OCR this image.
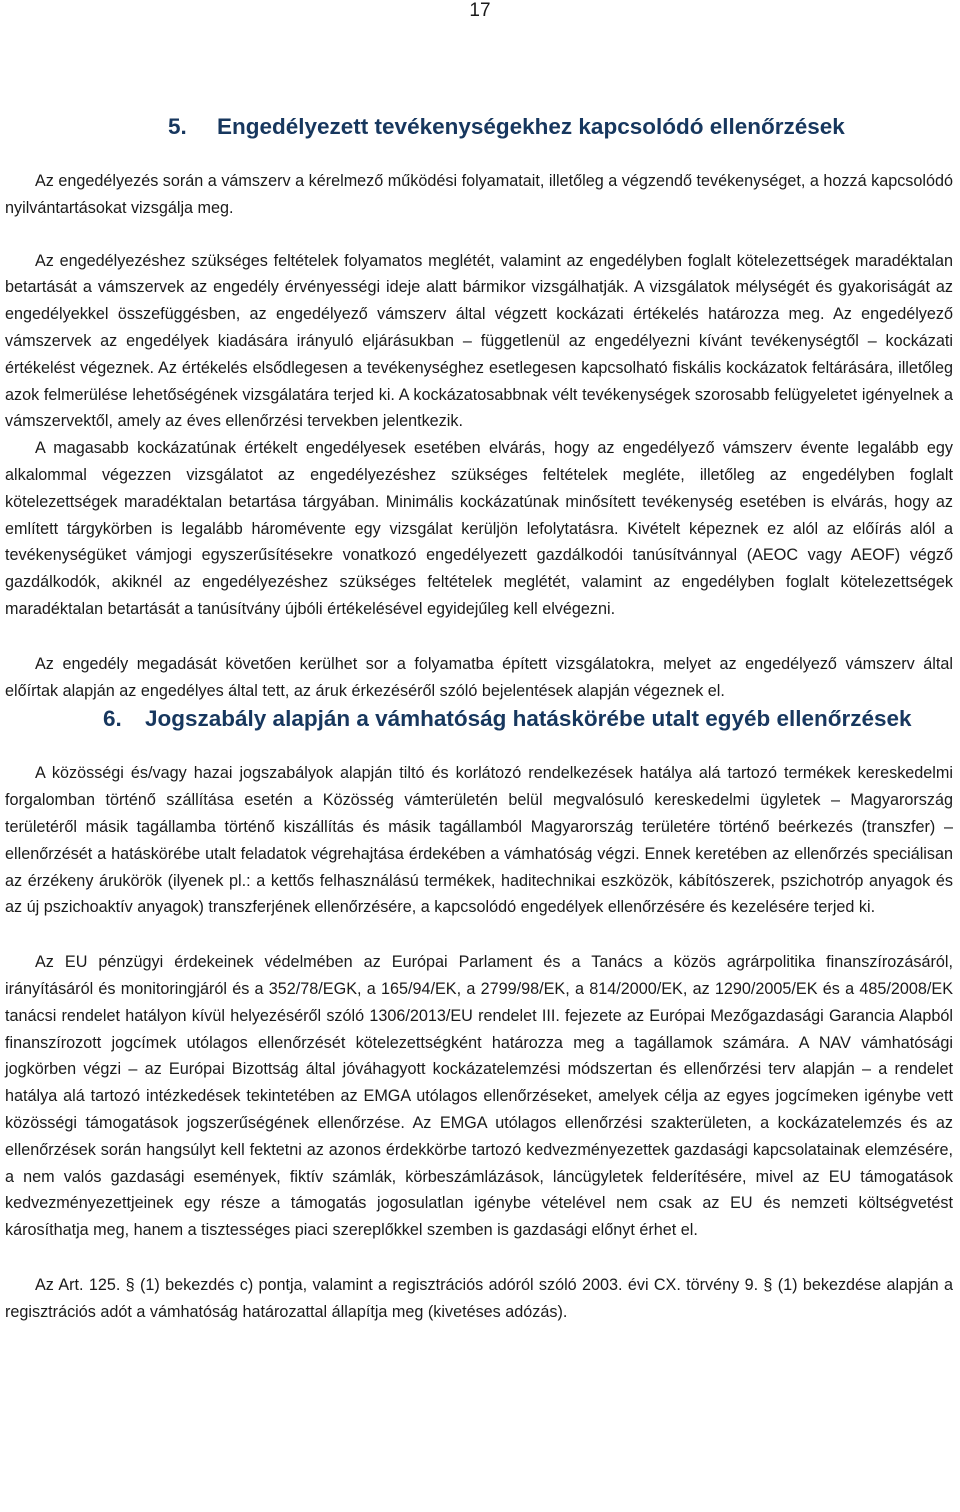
17
5. Engedélyezett tevékenységekhez kapcsolódó ellenőrzések

Az engedélyezés során a vámszerv a kérelmező működési folyamatait, illetőleg a végzendő tevékenységet, a hozzá kapcsolódó nyilvántartásokat vizsgálja meg.

Az engedélyezéshez szükséges feltételek folyamatos meglétét, valamint az engedélyben foglalt kötelezettségek maradéktalan betartását a vámszervek az engedély érvényességi ideje alatt bármikor vizsgálhatják. A vizsgálatok mélységét és gyakoriságát az engedélyekkel összefüggésben, az engedélyező vámszerv által végzett kockázati értékelés határozza meg. Az engedélyező vámszervek az engedélyek kiadására irányuló eljárásukban – függetlenül az engedélyezni kívánt tevékenységtől – kockázati értékelést végeznek. Az értékelés elsődlegesen a tevékenységhez esetlegesen kapcsolható fiskális kockázatok feltárására, illetőleg azok felmerülése lehetőségének vizsgálatára terjed ki. A kockázatosabbnak vélt tevékenységek szorosabb felügyeletet igényelnek a vámszervektől, amely az éves ellenőrzési tervekben jelentkezik.

A magasabb kockázatúnak értékelt engedélyesek esetében elvárás, hogy az engedélyező vámszerv évente legalább egy alkalommal végezzen vizsgálatot az engedélyezéshez szükséges feltételek megléte, illetőleg az engedélyben foglalt kötelezettségek maradéktalan betartása tárgyában. Minimális kockázatúnak minősített tevékenység esetében is elvárás, hogy az említett tárgykörben is legalább háromévente egy vizsgálat kerüljön lefolytatásra. Kivételt képeznek ez alól az előírás alól a tevékenységüket vámjogi egyszerűsítésekre vonatkozó engedélyezett gazdálkodói tanúsítvánnyal (AEOC vagy AEOF) végző gazdálkodók, akiknél az engedélyezéshez szükséges feltételek meglétét, valamint az engedélyben foglalt kötelezettségek maradéktalan betartását a tanúsítvány újbóli értékelésével egyidejűleg kell elvégezni.

Az engedély megadását követően kerülhet sor a folyamatba épített vizsgálatokra, melyet az engedélyező vámszerv által előírtak alapján az engedélyes által tett, az áruk érkezéséről szóló bejelentések alapján végeznek el.

6. Jogszabály alapján a vámhatóság hatáskörébe utalt egyéb ellenőrzések

A közösségi és/vagy hazai jogszabályok alapján tiltó és korlátozó rendelkezések hatálya alá tartozó termékek kereskedelmi forgalomban történő szállítása esetén a Közösség vámterületén belül megvalósuló kereskedelmi ügyletek – Magyarország területéről másik tagállamba történő kiszállítás és másik tagállamból Magyarország területére történő beérkezés (transzfer) – ellenőrzését a hatáskörébe utalt feladatok végrehajtása érdekében a vámhatóság végzi. Ennek keretében az ellenőrzés speciálisan az érzékeny árukörök (ilyenek pl.: a kettős felhasználású termékek, haditechnikai eszközök, kábítószerek, pszichotróp anyagok és az új pszichoaktív anyagok) transzferjének ellenőrzésére, a kapcsolódó engedélyek ellenőrzésére és kezelésére terjed ki.

Az EU pénzügyi érdekeinek védelmében az Európai Parlament és a Tanács a közös agrárpolitika finanszírozásáról, irányításáról és monitoringjáról és a 352/78/EGK, a 165/94/EK, a 2799/98/EK, a 814/2000/EK, az 1290/2005/EK és a 485/2008/EK tanácsi rendelet hatályon kívül helyezéséről szóló 1306/2013/EU rendelet III. fejezete az Európai Mezőgazdasági Garancia Alapból finanszírozott jogcímek utólagos ellenőrzését kötelezettségként határozza meg a tagállamok számára. A NAV vámhatósági jogkörben végzi – az Európai Bizottság által jóváhagyott kockázatelemzési módszertan és ellenőrzési terv alapján – a rendelet hatálya alá tartozó intézkedések tekintetében az EMGA utólagos ellenőrzéseket, amelyek célja az egyes jogcímeken igénybe vett közösségi támogatások jogszerűségének ellenőrzése. Az EMGA utólagos ellenőrzési szakterületen, a kockázatelemzés és az ellenőrzések során hangsúlyt kell fektetni az azonos érdekkörbe tartozó kedvezményezettek gazdasági kapcsolatainak elemzésére, a nem valós gazdasági események, fiktív számlák, körbeszámlázások, láncügyletek felderítésére, mivel az EU támogatások kedvezményezettjeinek egy része a támogatás jogosulatlan igénybe vételével nem csak az EU és nemzeti költségvetést károsíthatja meg, hanem a tisztességes piaci szereplőkkel szemben is gazdasági előnyt érhet el.

Az Art. 125. § (1) bekezdés c) pontja, valamint a regisztrációs adóról szóló 2003. évi CX. törvény 9. § (1) bekezdése alapján a regisztrációs adót a vámhatóság határozattal állapítja meg (kivetéses adózás).
